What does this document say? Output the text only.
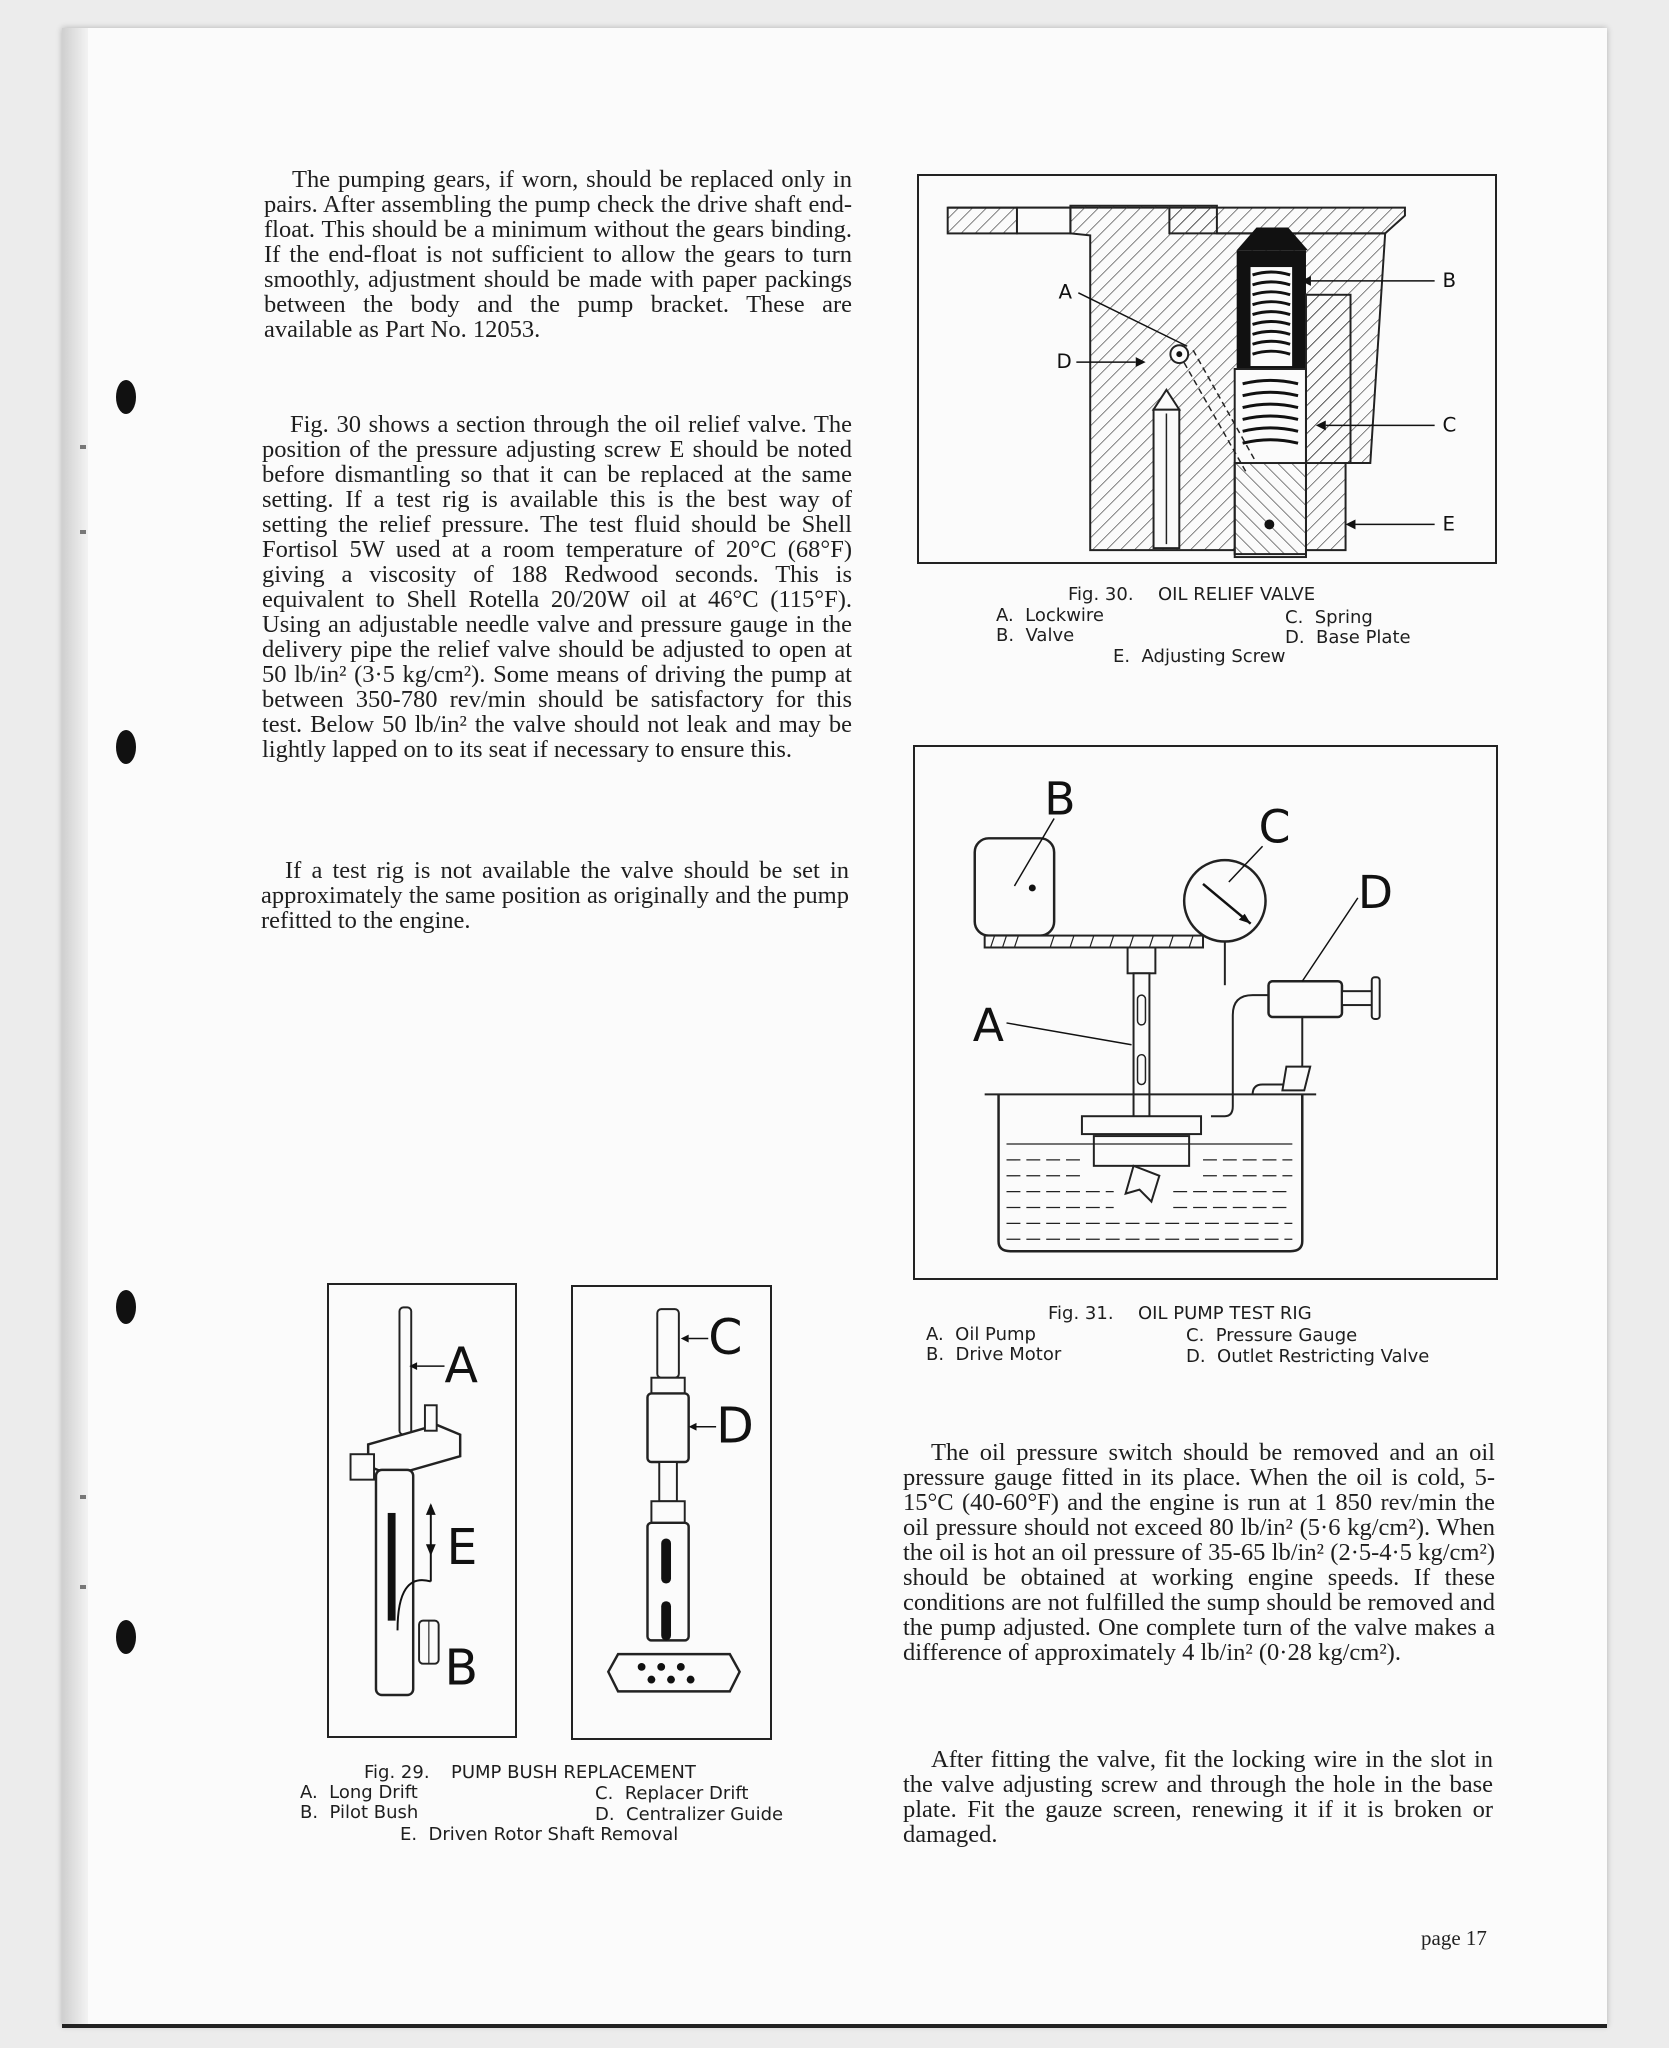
The pumping gears, if worn, should be replaced only in pairs. After assembling the pump check the drive shaft end-float. This should be a minimum without the gears binding. If the end-float is not sufficient to allow the gears to turn smoothly, adjustment should be made with paper packings between the body and the pump bracket. These are available as Part No. 12053.

Fig. 30 shows a section through the oil relief valve. The position of the pressure adjusting screw E should be noted before dismantling so that it can be replaced at the same setting. If a test rig is available this is the best way of setting the relief pressure. The test fluid should be Shell Fortisol 5W used at a room temperature of 20°C (68°F) giving a viscosity of 188 Redwood seconds. This is equivalent to Shell Rotella 20/20W oil at 46°C (115°F). Using an adjustable needle valve and pressure gauge in the delivery pipe the relief valve should be adjusted to open at 50 lb/in² (3·5 kg/cm²). Some means of driving the pump at between 350-780 rev/min should be satisfactory for this test. Below 50 lb/in² the valve should not leak and may be lightly lapped on to its seat if necessary to ensure this.

If a test rig is not available the valve should be set in approximately the same position as originally and the pump refitted to the engine.

A
D
B
C
E
Fig. 30. OIL RELIEF VALVE
A.  Lockwire
B.  Valve
C.  Spring
D.  Base Plate
E.  Adjusting Screw
B
C
D
A
Fig. 31. OIL PUMP TEST RIG
A.  Oil Pump
B.  Drive Motor
C.  Pressure Gauge
D.  Outlet Restricting Valve
A
E
B
C
D
Fig. 29. PUMP BUSH REPLACEMENT
A.  Long Drift
B.  Pilot Bush
C.  Replacer Drift
D.  Centralizer Guide
E.  Driven Rotor Shaft Removal

The oil pressure switch should be removed and an oil pressure gauge fitted in its place. When the oil is cold, 5-15°C (40-60°F) and the engine is run at 1 850 rev/min the oil pressure should not exceed 80 lb/in² (5·6 kg/cm²). When the oil is hot an oil pressure of 35-65 lb/in² (2·5-4·5 kg/cm²) should be obtained at working engine speeds. If these conditions are not fulfilled the sump should be removed and the pump adjusted. One complete turn of the valve makes a difference of approximately 4 lb/in² (0·28 kg/cm²).

After fitting the valve, fit the locking wire in the slot in the valve adjusting screw and through the hole in the base plate. Fit the gauze screen, renewing it if it is broken or damaged.

page 17
